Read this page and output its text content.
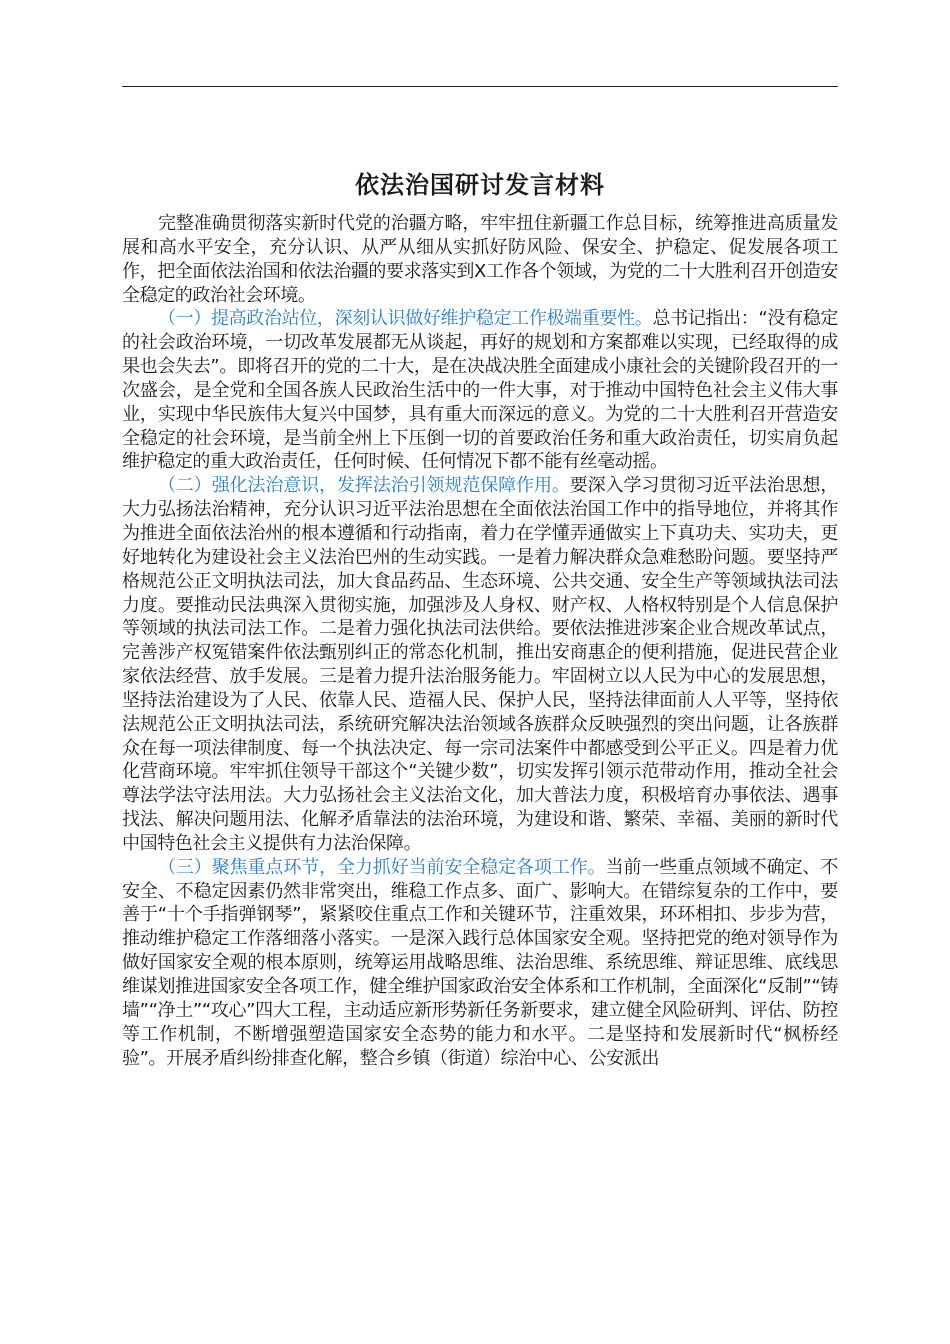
依法治国研讨发言材料

完整准确贯彻落实新时代党的治疆方略，牢牢扭住新疆工作总目标，统筹推进高质量发展和高水平安全，充分认识、从严从细从实抓好防风险、保安全、护稳定、促发展各项工作，把全面依法治国和依法治疆的要求落实到X工作各个领域，为党的二十大胜利召开创造安全稳定的政治社会环境。

（一）提高政治站位，深刻认识做好维护稳定工作极端重要性。总书记指出：“没有稳定的社会政治环境，一切改革发展都无从谈起，再好的规划和方案都难以实现，已经取得的成果也会失去”。即将召开的党的二十大，是在决战决胜全面建成小康社会的关键阶段召开的一次盛会，是全党和全国各族人民政治生活中的一件大事，对于推动中国特色社会主义伟大事业，实现中华民族伟大复兴中国梦，具有重大而深远的意义。为党的二十大胜利召开营造安全稳定的社会环境，是当前全州上下压倒一切的首要政治任务和重大政治责任，切实肩负起维护稳定的重大政治责任，任何时候、任何情况下都不能有丝毫动摇。

（二）强化法治意识，发挥法治引领规范保障作用。要深入学习贯彻习近平法治思想，大力弘扬法治精神，充分认识习近平法治思想在全面依法治国工作中的指导地位，并将其作为推进全面依法治州的根本遵循和行动指南，着力在学懂弄通做实上下真功夫、实功夫，更好地转化为建设社会主义法治巴州的生动实践。一是着力解决群众急难愁盼问题。要坚持严格规范公正文明执法司法，加大食品药品、生态环境、公共交通、安全生产等领域执法司法力度。要推动民法典深入贯彻实施，加强涉及人身权、财产权、人格权特别是个人信息保护等领域的执法司法工作。二是着力强化执法司法供给。要依法推进涉案企业合规改革试点，完善涉产权冤错案件依法甄别纠正的常态化机制，推出安商惠企的便利措施，促进民营企业家依法经营、放手发展。三是着力提升法治服务能力。牢固树立以人民为中心的发展思想，坚持法治建设为了人民、依靠人民、造福人民、保护人民，坚持法律面前人人平等，坚持依法规范公正文明执法司法，系统研究解决法治领域各族群众反映强烈的突出问题，让各族群众在每一项法律制度、每一个执法决定、每一宗司法案件中都感受到公平正义。四是着力优化营商环境。牢牢抓住领导干部这个“关键少数”，切实发挥引领示范带动作用，推动全社会尊法学法守法用法。大力弘扬社会主义法治文化，加大普法力度，积极培育办事依法、遇事找法、解决问题用法、化解矛盾靠法的法治环境，为建设和谐、繁荣、幸福、美丽的新时代中国特色社会主义提供有力法治保障。

（三）聚焦重点环节，全力抓好当前安全稳定各项工作。当前一些重点领域不确定、不安全、不稳定因素仍然非常突出，维稳工作点多、面广、影响大。在错综复杂的工作中，要善于“十个手指弹钢琴”，紧紧咬住重点工作和关键环节，注重效果，环环相扣、步步为营，推动维护稳定工作落细落小落实。一是深入践行总体国家安全观。坚持把党的绝对领导作为做好国家安全观的根本原则，统筹运用战略思维、法治思维、系统思维、辩证思维、底线思维谋划推进国家安全各项工作，健全维护国家政治安全体系和工作机制，全面深化“反制”“铸墙”“净土”“攻心”四大工程，主动适应新形势新任务新要求，建立健全风险研判、评估、防控等工作机制，不断增强塑造国家安全态势的能力和水平。二是坚持和发展新时代“枫桥经验”。开展矛盾纠纷排查化解，整合乡镇（街道）综治中心、公安派出
